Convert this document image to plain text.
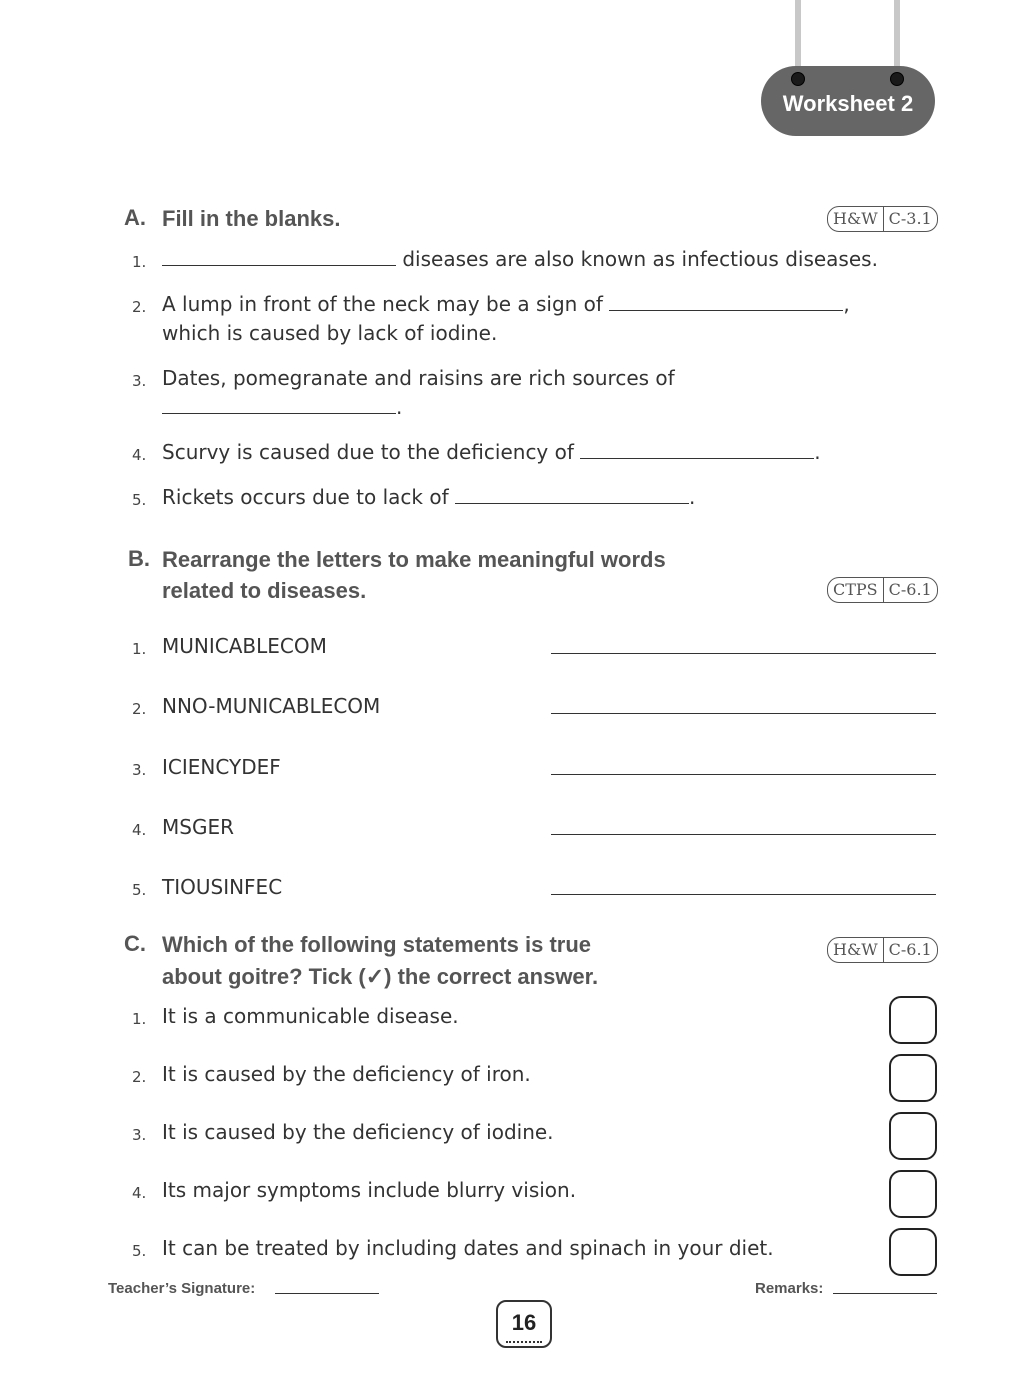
Worksheet 2
A. Fill in the blanks.	H&W C-3.1
1.	diseases are also known as infectious diseases.
2. A lump in front of the neck may be a sign of	,
which is caused by lack of iodine.
3. Dates, pomegranate and raisins are rich sources of
.
4. Scurvy is caused due to the deficiency of	.
5. Rickets occurs due to lack of	.
B. Rearrange the letters to make meaningful words
related to diseases.	CTPS C-6.1
1. MUNICABLECOM
2. NNO-MUNICABLECOM
3. ICIENCYDEF
4. MSGER
5. TIOUSINFEC
C. Which of the following statements is true
about goitre? Tick (✓) the correct answer.
H&W C-6.1
1. It is a communicable disease.
2. It is caused by the deficiency of iron.
3. It is caused by the deficiency of iodine.
4. Its major symptoms include blurry vision.
5. It can be treated by including dates and spinach in your diet.
Teacher’s Signature:	Remarks:
16
